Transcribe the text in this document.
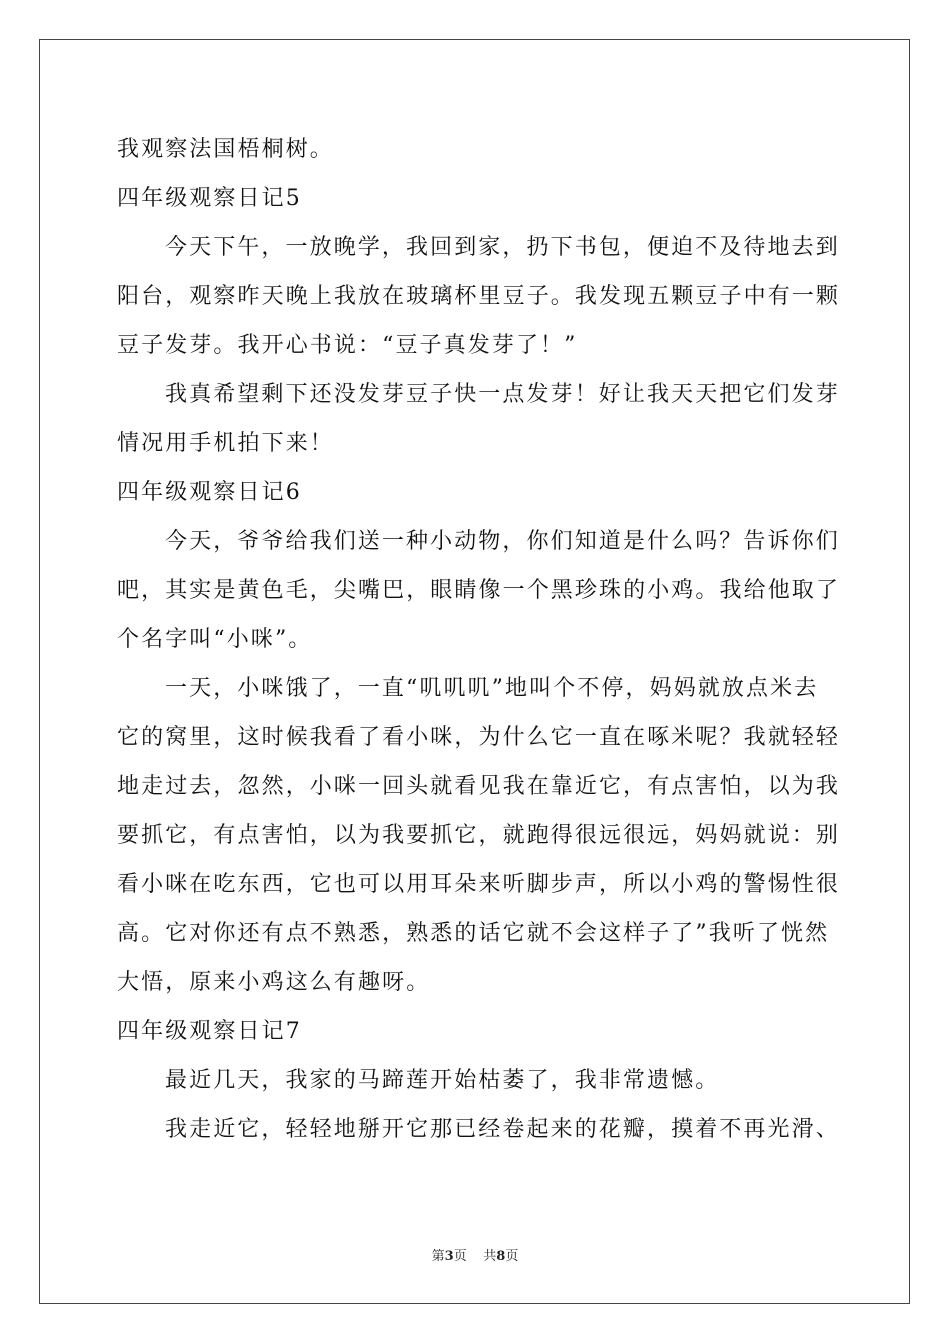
我观察法国梧桐树。

四年级观察日记5

今天下午，一放晚学，我回到家，扔下书包，便迫不及待地去到

阳台，观察昨天晚上我放在玻璃杯里豆子。我发现五颗豆子中有一颗

豆子发芽。我开心书说：“豆子真发芽了！”

我真希望剩下还没发芽豆子快一点发芽！好让我天天把它们发芽

情况用手机拍下来！

四年级观察日记6

今天，爷爷给我们送一种小动物，你们知道是什么吗？告诉你们

吧，其实是黄色毛，尖嘴巴，眼睛像一个黑珍珠的小鸡。我给他取了

个名字叫“小咪”。

一天，小咪饿了，一直“叽叽叽”地叫个不停，妈妈就放点米去

它的窝里，这时候我看了看小咪，为什么它一直在啄米呢？我就轻轻

地走过去，忽然，小咪一回头就看见我在靠近它，有点害怕，以为我

要抓它，有点害怕，以为我要抓它，就跑得很远很远，妈妈就说：别

看小咪在吃东西，它也可以用耳朵来听脚步声，所以小鸡的警惕性很

高。它对你还有点不熟悉，熟悉的话它就不会这样子了”我听了恍然

大悟，原来小鸡这么有趣呀。

四年级观察日记7

最近几天，我家的马蹄莲开始枯萎了，我非常遗憾。

我走近它，轻轻地掰开它那已经卷起来的花瓣，摸着不再光滑、

第3页 共8页
